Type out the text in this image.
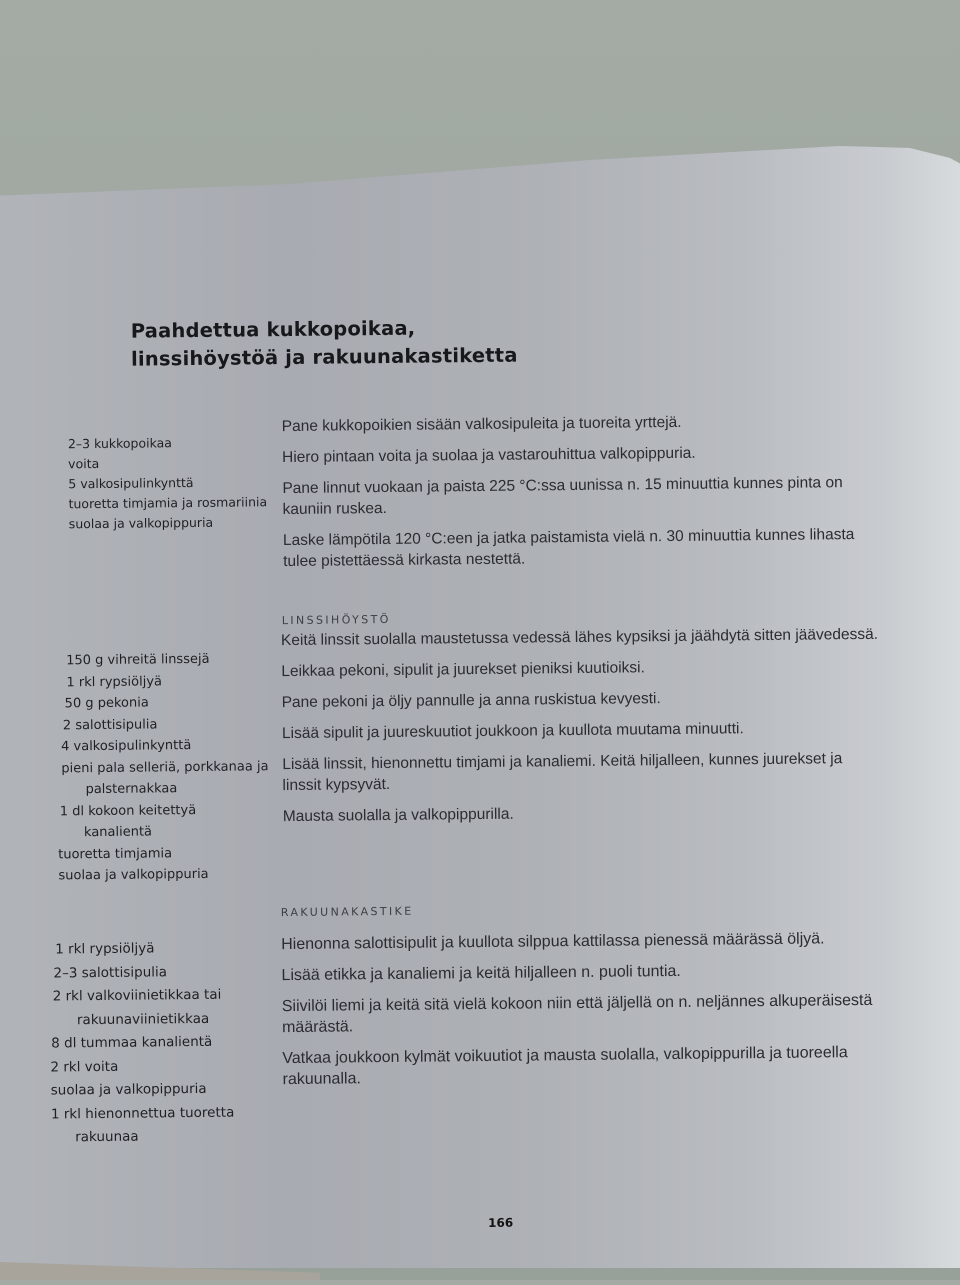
Paahdettua kukkopoikaa,
linssihöystöä ja rakuunakastiketta
2–3 kukkopoikaa
voita
5 valkosipulinkynttä
tuoretta timjamia ja rosmariinia
suolaa ja valkopippuria
Pane kukkopoikien sisään valkosipuleita ja tuoreita yrttejä.
Hiero pintaan voita ja suolaa ja vastarouhittua valkopippuria.
Pane linnut vuokaan ja paista 225 °C:ssa uunissa n. 15 minuuttia kunnes pinta on kauniin ruskea.
Laske lämpötila 120 °C:een ja jatka paistamista vielä n. 30 minuuttia kunnes lihasta tulee pistettäessä kirkasta nestettä.
LINSSIHÖYSTÖ
150 g vihreitä linssejä
1 rkl rypsiöljyä
50 g pekonia
2 salottisipulia
4 valkosipulinkynttä
pieni pala selleriä, porkkanaa ja
palsternakkaa
1 dl kokoon keitettyä
kanalientä
tuoretta timjamia
suolaa ja valkopippuria
Keitä linssit suolalla maustetussa vedessä lähes kypsiksi ja jäähdytä sitten jäävedessä.
Leikkaa pekoni, sipulit ja juurekset pieniksi kuutioiksi.
Pane pekoni ja öljy pannulle ja anna ruskistua kevyesti.
Lisää sipulit ja juureskuutiot joukkoon ja kuullota muutama minuutti.
Lisää linssit, hienonnettu timjami ja kanaliemi. Keitä hiljalleen, kunnes juurekset ja linssit kypsyvät.
Mausta suolalla ja valkopippurilla.
RAKUUNAKASTIKE
1 rkl rypsiöljyä
2–3 salottisipulia
2 rkl valkoviinietikkaa tai
rakuunaviinietikkaa
8 dl tummaa kanalientä
2 rkl voita
suolaa ja valkopippuria
1 rkl hienonnettua tuoretta
rakuunaa
Hienonna salottisipulit ja kuullota silppua kattilassa pienessä määrässä öljyä.
Lisää etikka ja kanaliemi ja keitä hiljalleen n. puoli tuntia.
Siivilöi liemi ja keitä sitä vielä kokoon niin että jäljellä on n. neljännes alkuperäisestä määrästä.
Vatkaa joukkoon kylmät voikuutiot ja mausta suolalla, valkopippurilla ja tuoreella rakuunalla.
166
